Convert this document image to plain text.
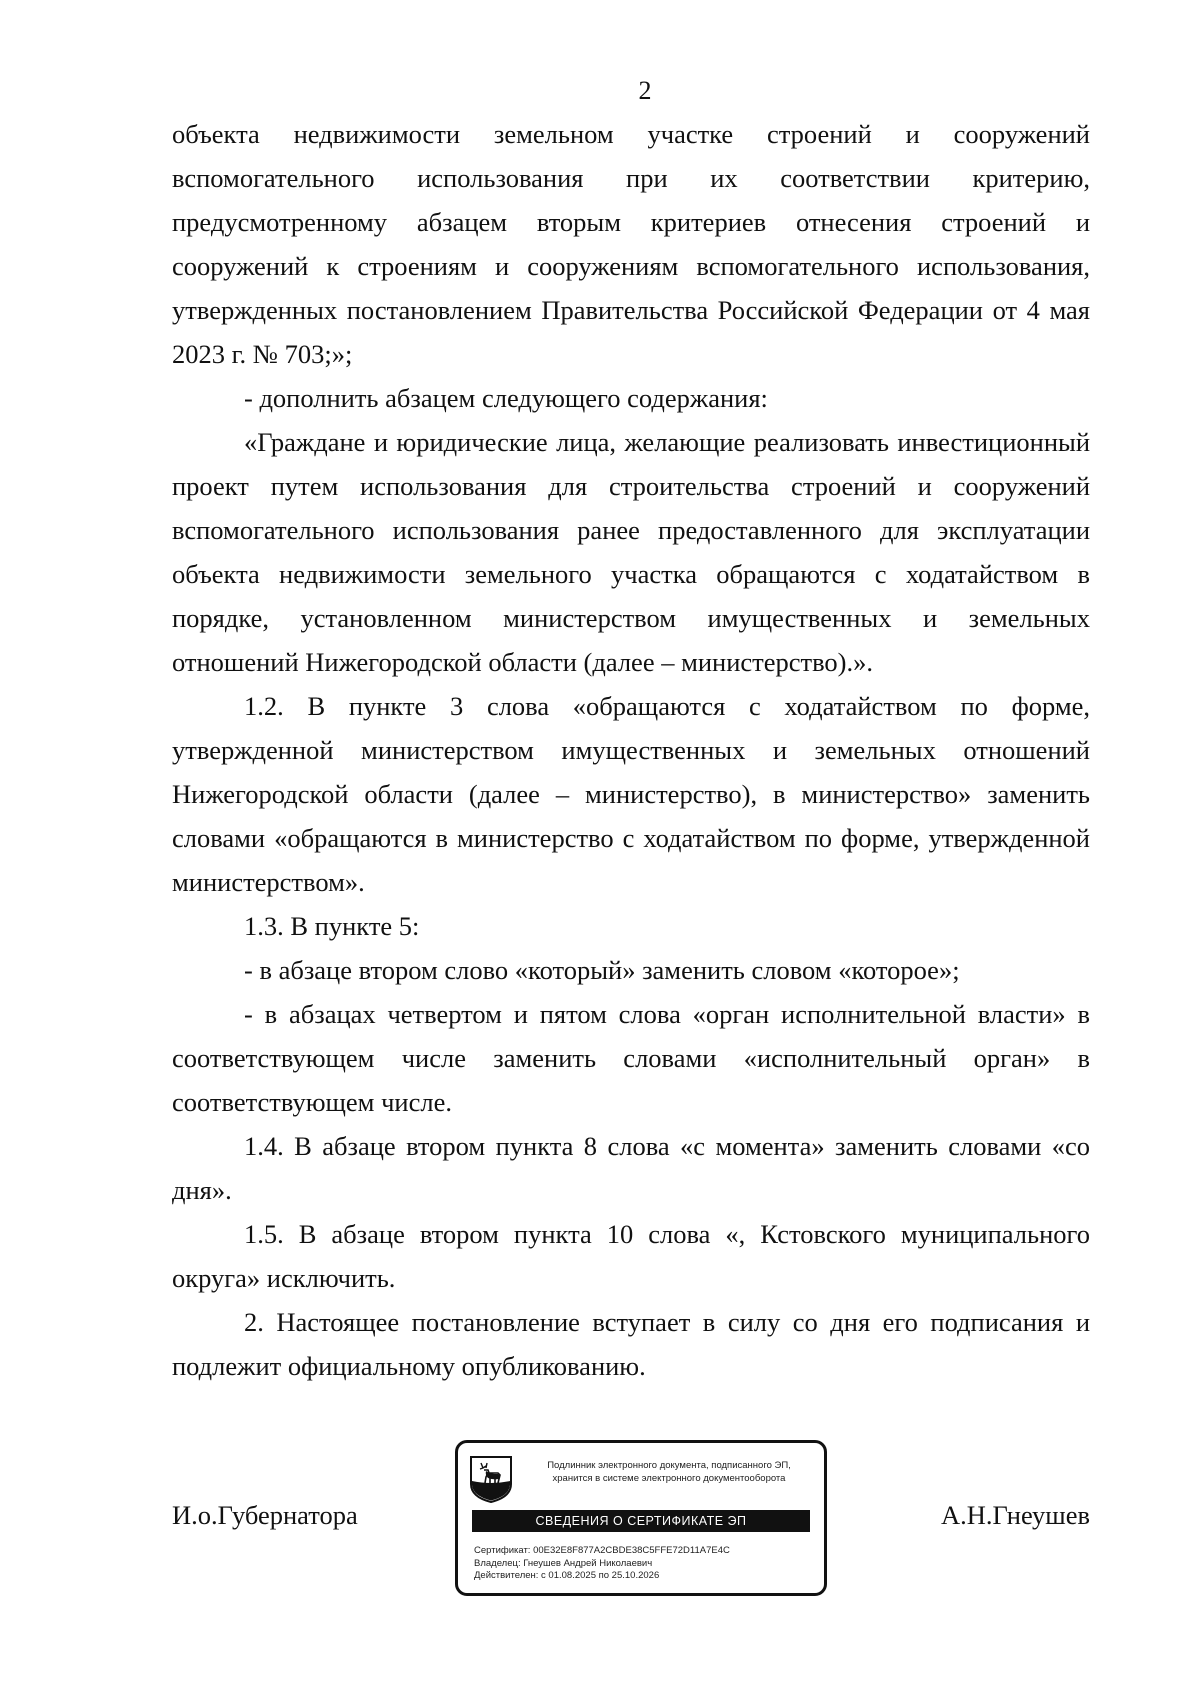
2

объекта недвижимости земельном участке строений и сооружений вспомогательного использования при их соответствии критерию, предусмотренному абзацем вторым критериев отнесения строений и сооружений к строениям и сооружениям вспомогательного использования, утвержденных постановлением Правительства Российской Федерации от 4 мая 2023 г. № 703;»;

- дополнить абзацем следующего содержания:

«Граждане и юридические лица, желающие реализовать инвестиционный проект путем использования для строительства строений и сооружений вспомогательного использования ранее предоставленного для эксплуатации объекта недвижимости земельного участка обращаются с ходатайством в порядке, установленном министерством имущественных и земельных отношений Нижегородской области (далее – министерство).».

1.2. В пункте 3 слова «обращаются с ходатайством по форме, утвержденной министерством имущественных и земельных отношений Нижегородской области (далее – министерство), в министерство» заменить словами «обращаются в министерство с ходатайством по форме, утвержденной министерством».

1.3. В пункте 5:

- в абзаце втором слово «который» заменить словом «которое»;

- в абзацах четвертом и пятом слова «орган исполнительной власти» в соответствующем числе заменить словами «исполнительный орган» в соответствующем числе.

1.4. В абзаце втором пункта 8 слова «с момента» заменить словами «со дня».

1.5. В абзаце втором пункта 10 слова «, Кстовского муниципального округа» исключить.

2. Настоящее постановление вступает в силу со дня его подписания и подлежит официальному опубликованию.

И.о.Губернатора
Подлинник электронного документа, подписанного ЭП,
хранится в системе электронного документооборота
СВЕДЕНИЯ О СЕРТИФИКАТЕ ЭП
Сертификат: 00E32E8F877A2CBDE38C5FFE72D11A7E4C
Владелец: Гнеушев Андрей Николаевич
Действителен: с 01.08.2025 по 25.10.2026
А.Н.Гнеушев
